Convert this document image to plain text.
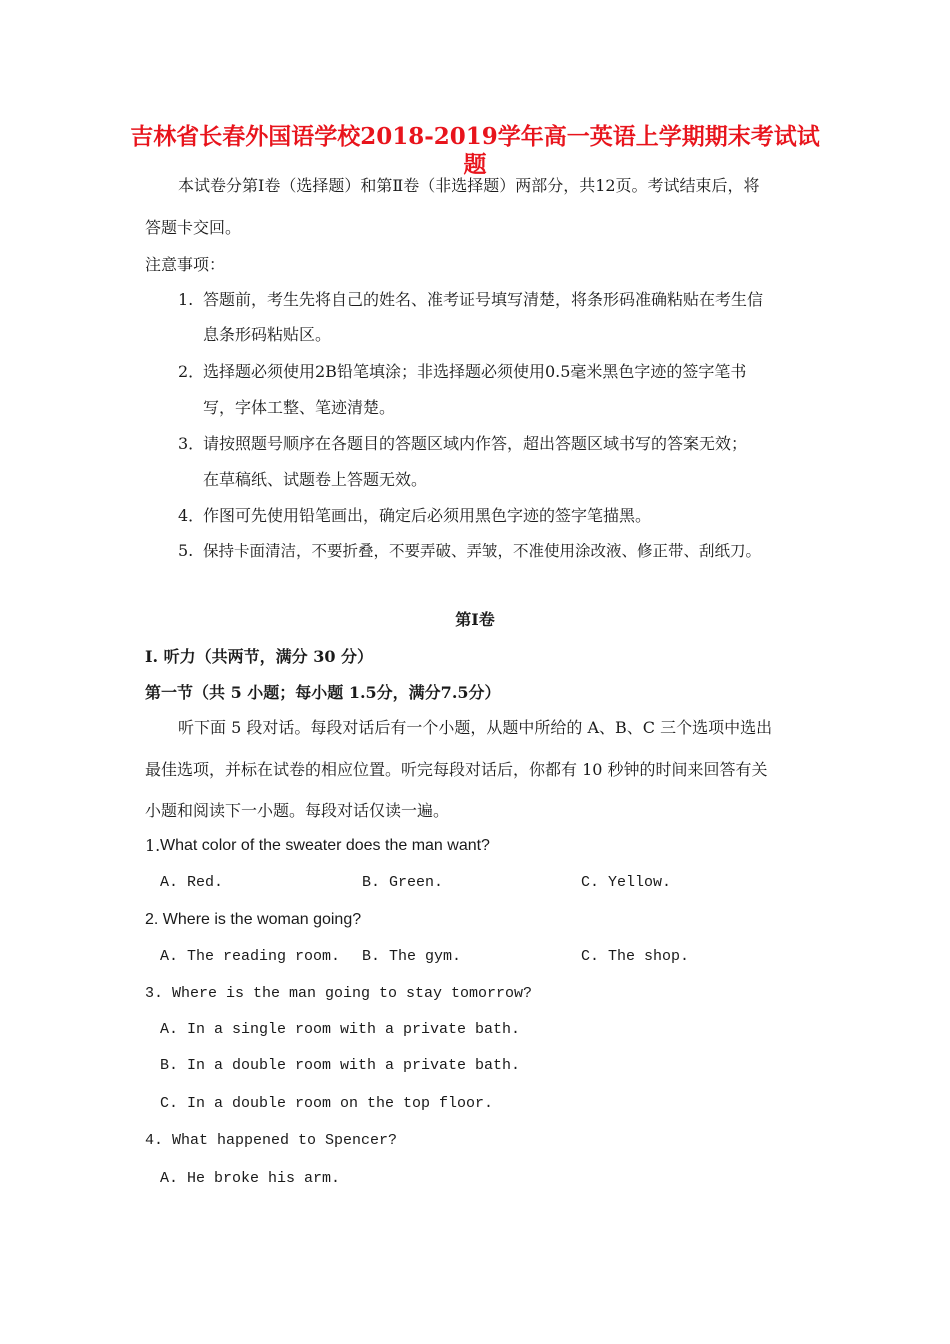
吉林省长春外国语学校2018-2019学年高一英语上学期期末考试试
题
本试卷分第Ⅰ卷（选择题）和第Ⅱ卷（非选择题）两部分，共12页。考试结束后，将
答题卡交回。
注意事项：
1. 答题前，考生先将自己的姓名、准考证号填写清楚，将条形码准确粘贴在考生信
息条形码粘贴区。
2．
选择题必须使用2B铅笔填涂；非选择题必须使用0.5毫米黑色字迹的签字笔书
写，字体工整、笔迹清楚。
3．
请按照题号顺序在各题目的答题区域内作答，超出答题区域书写的答案无效；
在草稿纸、试题卷上答题无效。
4．
作图可先使用铅笔画出，确定后必须用黑色字迹的签字笔描黑。
5. 保持卡面清洁，不要折叠，不要弄破、弄皱，不准使用涂改液、修正带、刮纸刀。
第Ⅰ卷
I. 听力（共两节，满分 30 分）
第一节（共 5 小题；每小题 1.5分，满分7.5分）
听下面 5 段对话。每段对话后有一个小题，从题中所给的 A、B、C 三个选项中选出
最佳选项，并标在试卷的相应位置。听完每段对话后，你都有 10 秒钟的时间来回答有关
小题和阅读下一小题。每段对话仅读一遍。
1. What color of the sweater does the man want?
A. Red.	B. Green.	C. Yellow.
2. Where is the woman going?
A. The reading room. B. The gym.	C. The shop.
3. Where is the man going to stay tomorrow?
A. In a single room with a private bath.
B. In a double room with a private bath.
C. In a double room on the top floor.
4. What happened to Spencer?
A. He broke his arm.
